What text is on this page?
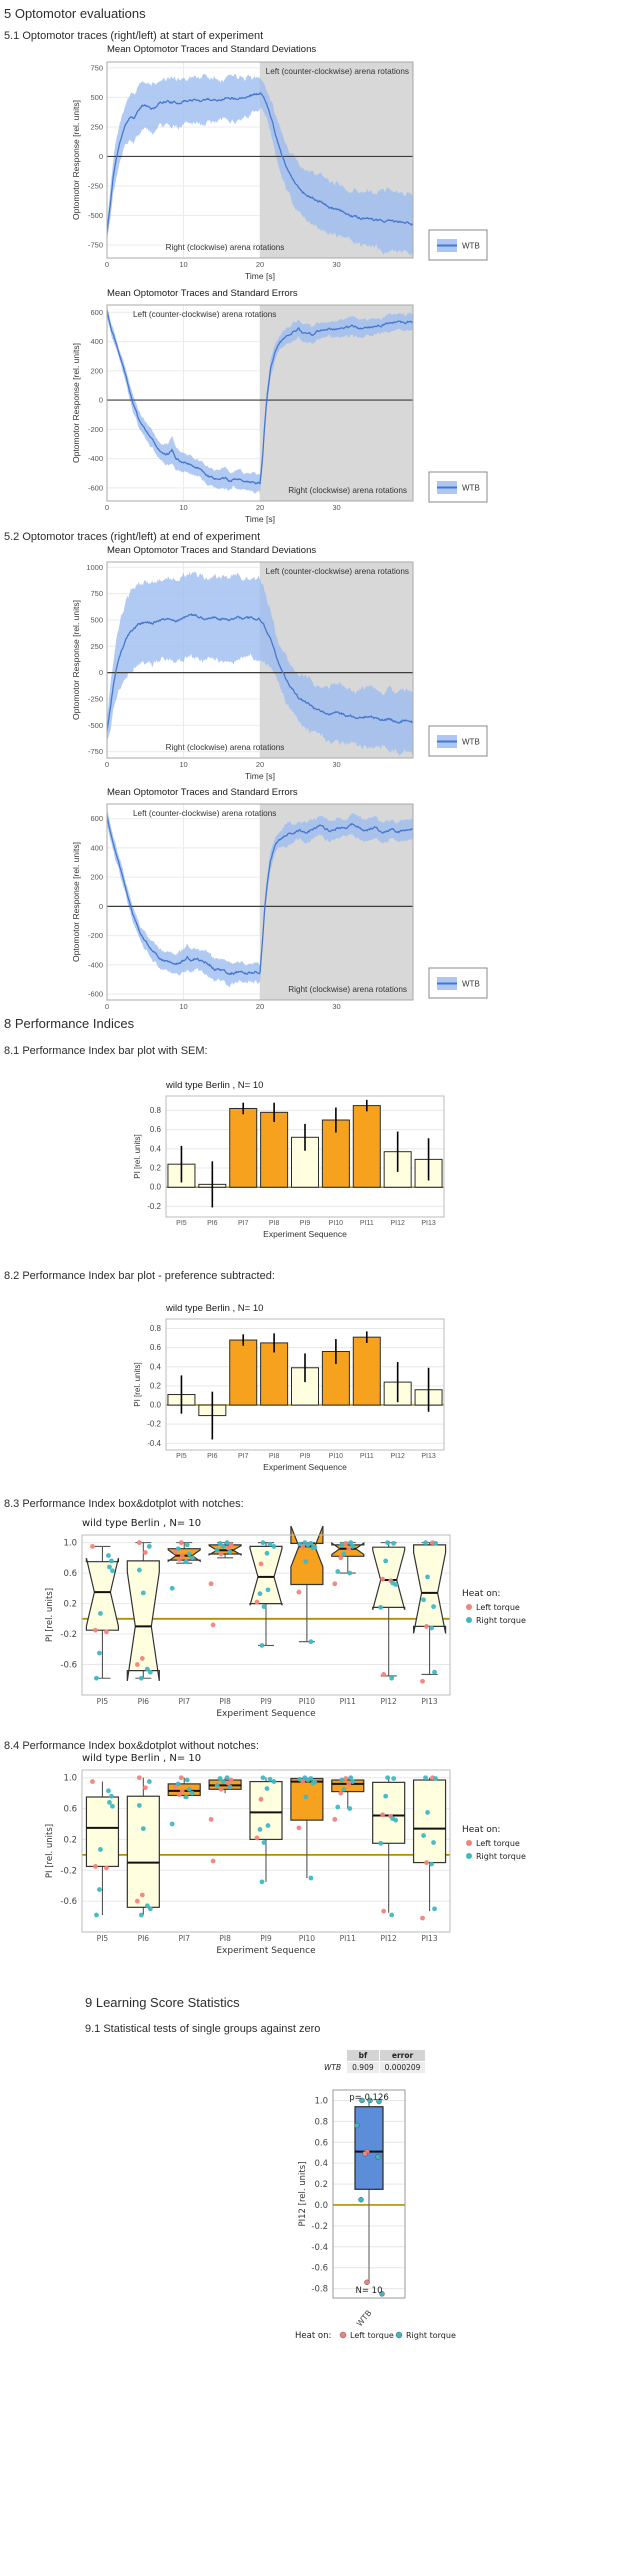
Mean Optomotor Traces and Standard Deviations
Optomotor Response [rel. units]
Left (counter-clockwise) arena rotations
Right (clockwise) arena rotations
750
500
250
0
-250
-500
-750
0	10	20	30
Time [s]
WTB
Mean Optomotor Traces and Standard Errors
Optomotor Response [rel. units]
Left (counter-clockwise) arena rotations
Right (clockwise) arena rotations
600
400
200
0
-200
-400
-600
0	10	20	30
Time [s]
WTB
Mean Optomotor Traces and Standard Deviations
Optomotor Response [rel. units]
Left (counter-clockwise) arena rotations
Right (clockwise) arena rotations
1000
750
500
250
0
-250
-500
-750
0	10	20	30
Time [s]
WTB
Mean Optomotor Traces and Standard Errors
Optomotor Response [rel. units]
Left (counter-clockwise) arena rotations
Right (clockwise) arena rotations
600
400
200
0
-200
-400
-600
0	10	20	30
WTB
wild type Berlin , N= 10
PI [rel. units]
0.8
0.6
0.4
0.2
0.0
-0.2
PI5	PI6	PI7	PI8	PI9	PI10 PI11 PI12 PI13
Experiment Sequence
wild type Berlin , N= 10
PI [rel. units]
0.8
0.6
0.4
0.2
0.0
-0.2
-0.4
PI5	PI6	PI7	PI8	PI9	PI10 PI11 PI12 PI13
Experiment Sequence
wild type Berlin , N= 10
PI [rel. units]
1.0
0.6
0.2
-0.2
-0.6
PI5	PI6	PI7	PI8	PI9	PI10	PI11	PI12	PI13
Experiment Sequence
Heat on:
Left torque
Right torque
wild type Berlin , N= 10
PI [rel. units]
1.0
0.6
0.2
-0.2
-0.6
PI5	PI6	PI7	PI8	PI9	PI10	PI11	PI12	PI13
Experiment Sequence
Heat on:
Left torque
Right torque
PI12 [rel. units]
p= 0.126
N= 10
1.0
0.8
0.6
0.4
0.2
0.0
-0.2
-0.4
-0.6
-0.8
WTB
Heat on: Left torque Right torque
5 Optomotor evaluations
5.1 Optomotor traces (right/left) at start of experiment
5.2 Optomotor traces (right/left) at end of experiment
8 Performance Indices
8.1 Performance Index bar plot with SEM:
8.2 Performance Index bar plot - preference subtracted:
8.3 Performance Index box&dotplot with notches:
8.4 Performance Index box&dotplot without notches:
9 Learning Score Statistics
9.1 Statistical tests of single groups against zero
	bf	error
WTB	0.909	0.000209
